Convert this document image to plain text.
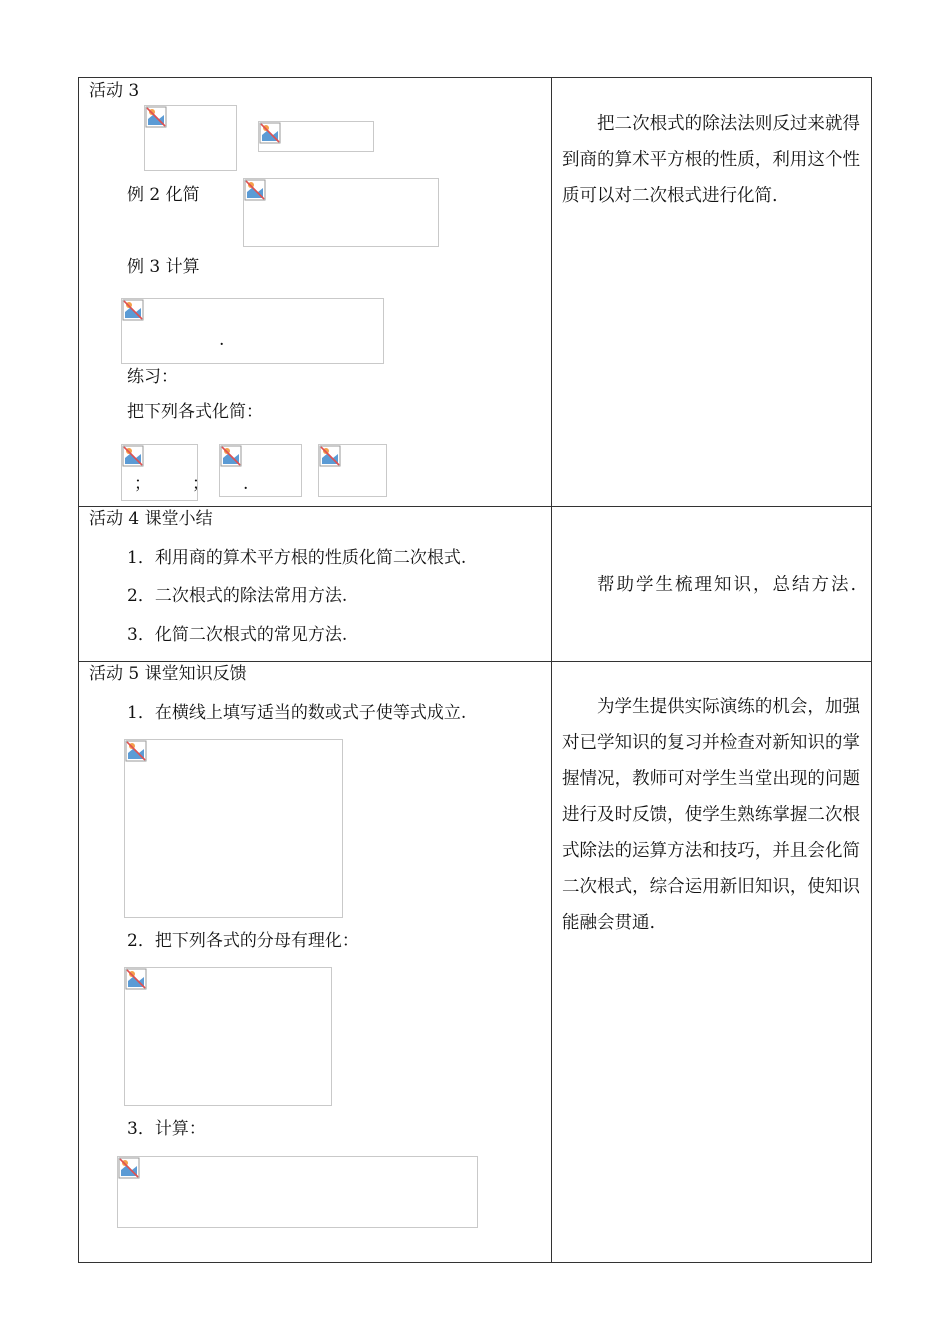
活动 3
例 2 化简
例 3 计算
.
练习：
把下列各式化简：
； ； .
把二次根式的除法法则反过来就得到商的算术平方根的性质，利用这个性质可以对二次根式进行化简.
活动 4 课堂小结
1．利用商的算术平方根的性质化简二次根式.
2．二次根式的除法常用方法.
3．化简二次根式的常见方法.
帮助学生梳理知识，总结方法.
活动 5 课堂知识反馈
1．在横线上填写适当的数或式子使等式成立.
2．把下列各式的分母有理化：
3．计算：
为学生提供实际演练的机会，加强对已学知识的复习并检查对新知识的掌握情况，教师可对学生当堂出现的问题进行及时反馈，使学生熟练掌握二次根式除法的运算方法和技巧，并且会化简二次根式，综合运用新旧知识，使知识能融会贯通.
